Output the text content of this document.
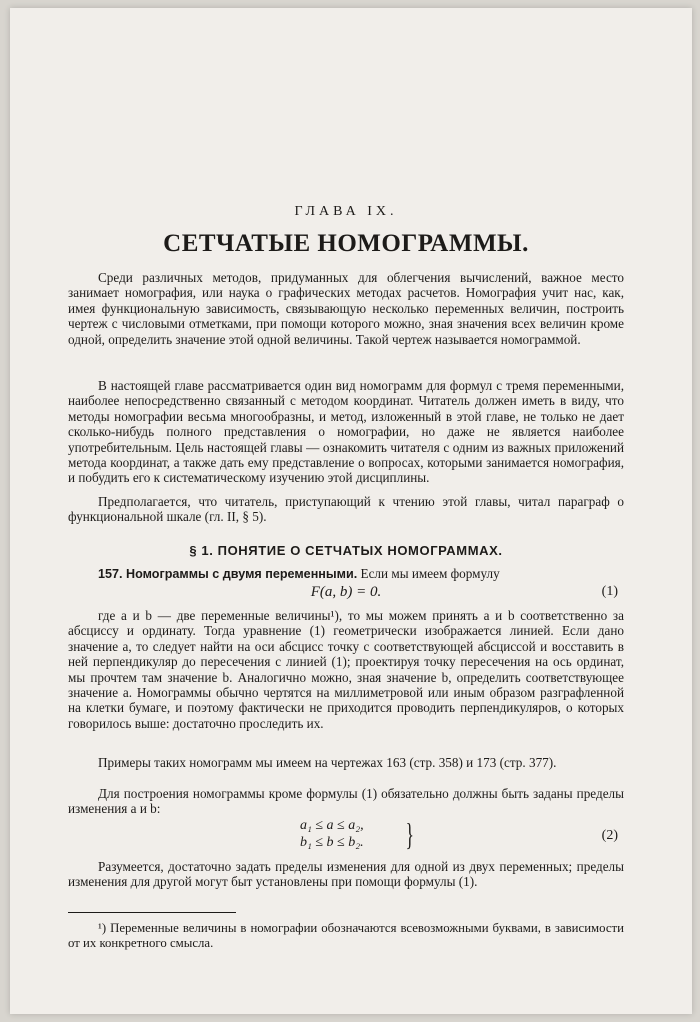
ГЛАВА IX.
СЕТЧАТЫЕ НОМОГРАММЫ.

Среди различных методов, придуманных для облегчения вычислений, важное место занимает номография, или наука о графических методах расчетов. Номография учит нас, как, имея функциональную зависимость, связывающую несколько переменных величин, построить чертеж с числовыми отметками, при помощи которого можно, зная значения всех величин кроме одной, определить значение этой одной величины. Такой чертеж называется номограммой.

В настоящей главе рассматривается один вид номограмм для формул с тремя переменными, наиболее непосредственно связанный с методом координат. Читатель должен иметь в виду, что методы номографии весьма многообразны, и метод, изложенный в этой главе, не только не дает сколько-нибудь полного представления о номографии, но даже не является наиболее употребительным. Цель настоящей главы — ознакомить читателя с одним из важных приложений метода координат, а также дать ему представление о вопросах, которыми занимается номография, и побудить его к систематическому изучению этой дисциплины.

Предполагается, что читатель, приступающий к чтению этой главы, читал параграф о функциональной шкале (гл. II, § 5).

§ 1. ПОНЯТИЕ О СЕТЧАТЫХ НОМОГРАММАХ.

157. Номограммы с двумя переменными. Если мы имеем формулу

F(a, b) = 0.	(1)

где a и b — две переменные величины¹), то мы можем принять a и b соответственно за абсциссу и ординату. Тогда уравнение (1) геометрически изображается линией. Если дано значение a, то следует найти на оси абсцисс точку с соответствующей абсциссой и восставить в ней перпендикуляр до пересечения с линией (1); проектируя точку пересечения на ось ординат, мы прочтем там значение b. Аналогично можно, зная значение b, определить соответствующее значение a. Номограммы обычно чертятся на миллиметровой или иным образом разграфленной на клетки бумаге, и поэтому фактически не приходится проводить перпендикуляров, о которых говорилось выше: достаточно проследить их.

Примеры таких номограмм мы имеем на чертежах 163 (стр. 358) и 173 (стр. 377).

Для построения номограммы кроме формулы (1) обязательно должны быть заданы пределы изменения a и b:

a₁ ≤ a ≤ a₂,
b₁ ≤ b ≤ b₂. }	(2)

Разумеется, достаточно задать пределы изменения для одной из двух переменных; пределы изменения для другой могут быт установлены при помощи формулы (1).

¹) Переменные величины в номографии обозначаются всевозможными буквами, в зависимости от их конкретного смысла.
